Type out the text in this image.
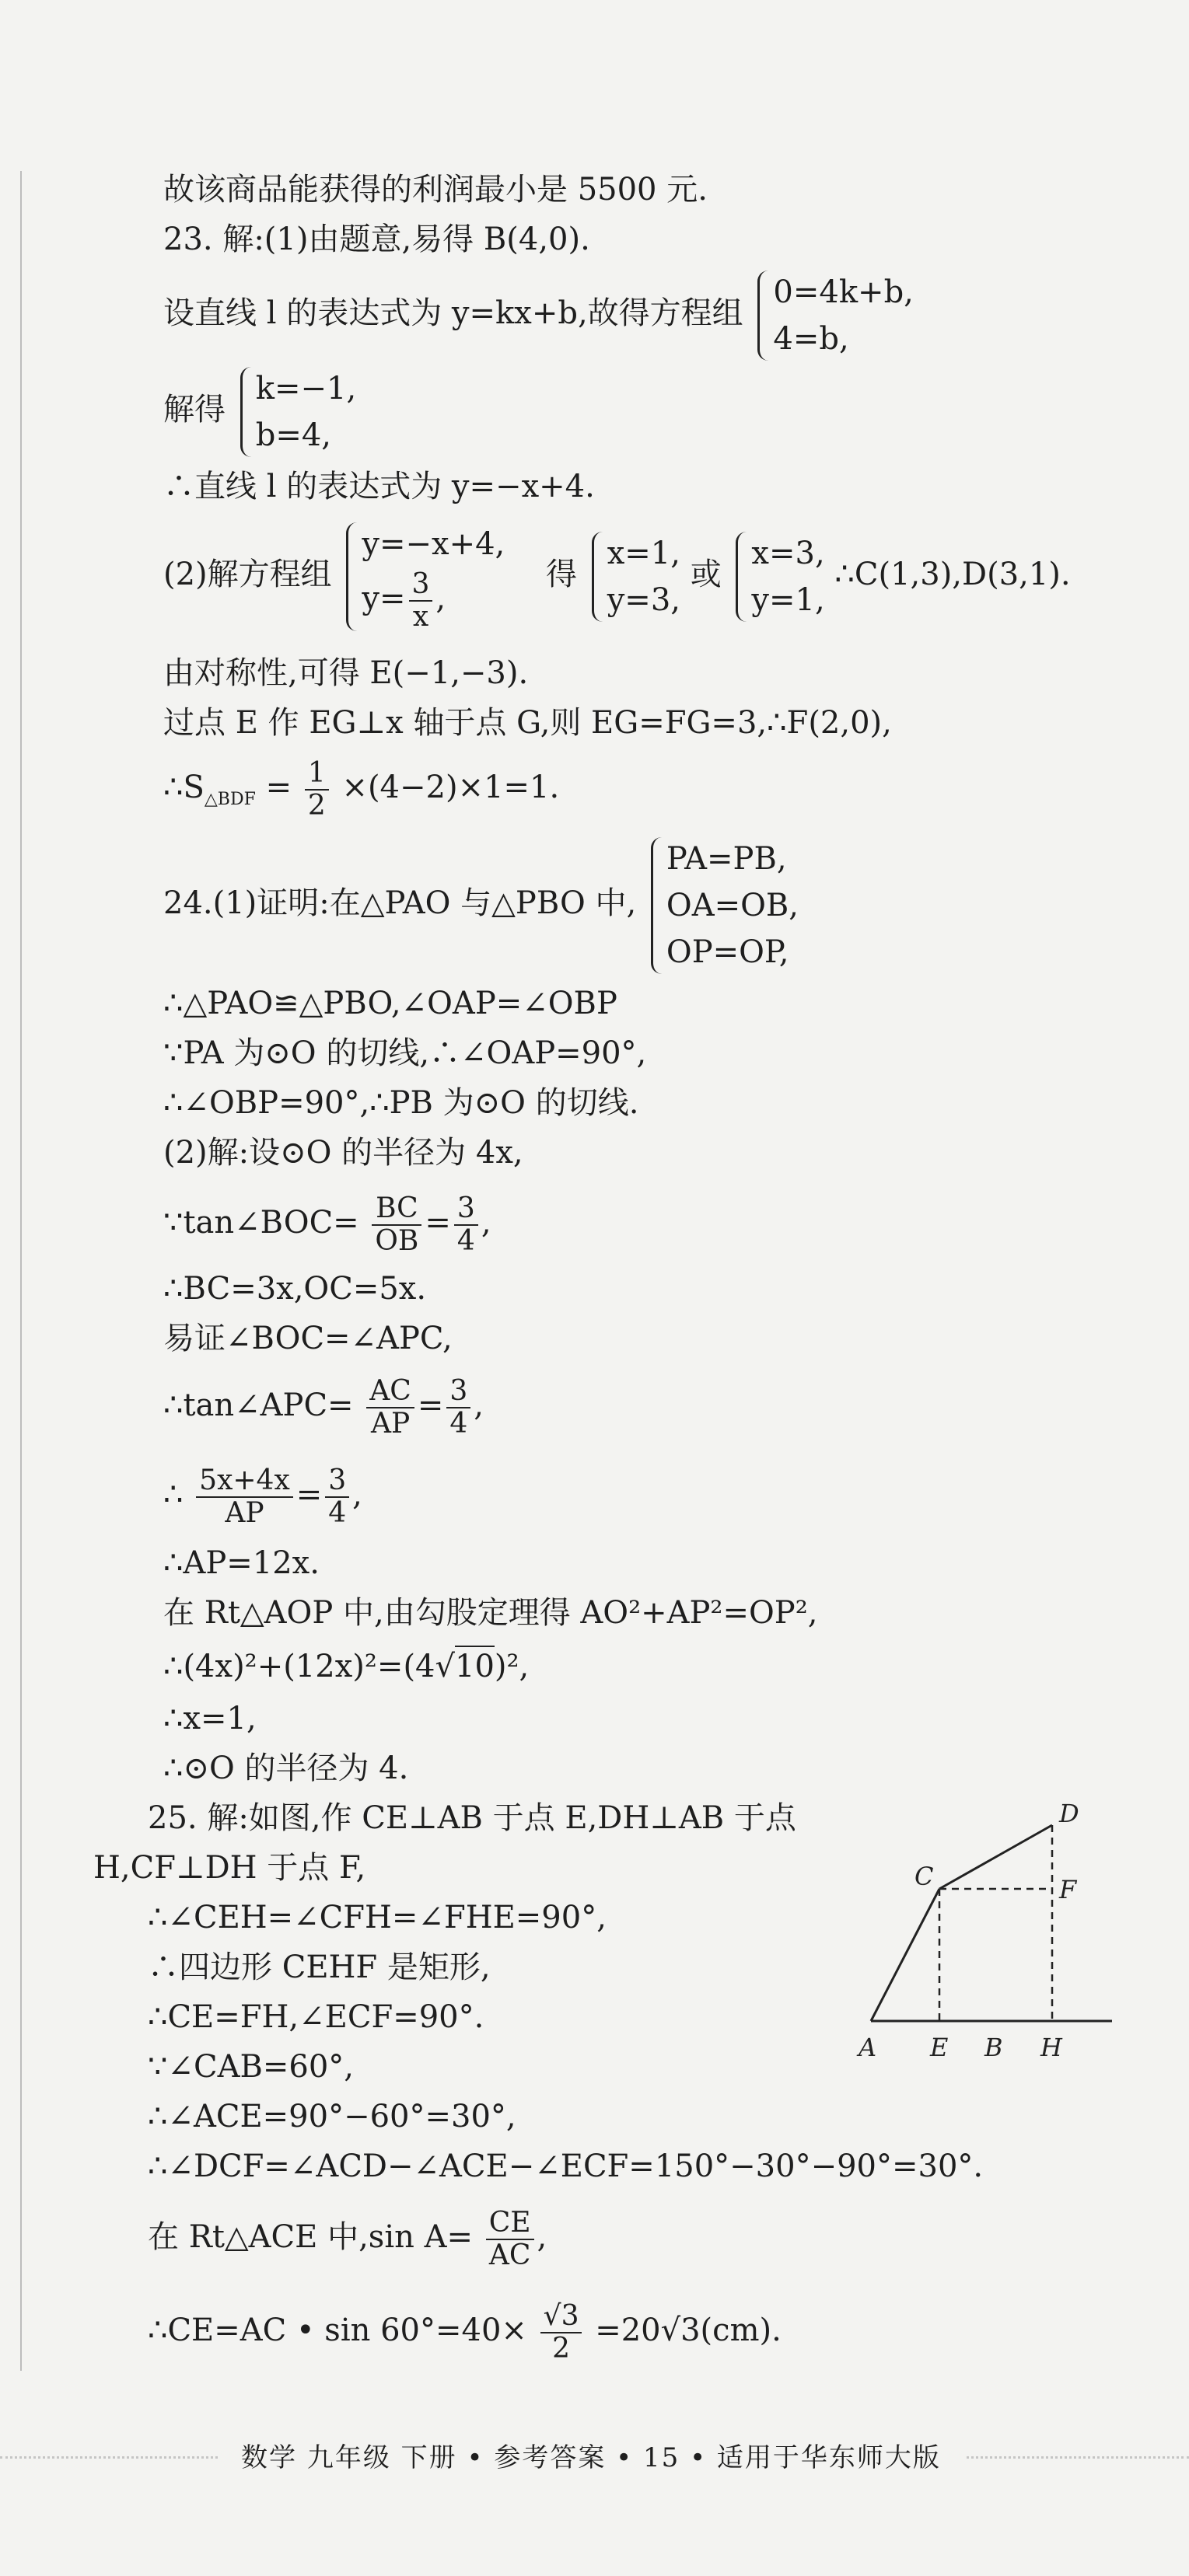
故该商品能获得的利润最小是 5500 元.
23. 解:(1)由题意,易得 B(4,0).
设直线 l 的表达式为 y=kx+b,故得方程组
0=4k+b,
4=b,
解得
k=−1,
b=4,
∴直线 l 的表达式为 y=−x+4.
(2)解方程组
y=−x+4,
$y= \frac{3}{x}$ ,
得
x=1,
y=3,
或
x=3,
y=1,
∴C(1,3),D(3,1).
由对称性,可得 E(−1,−3).
过点 E 作 EG⊥x 轴于点 G,则 EG=FG=3,∴F(2,0),
$\therefore S_{\triangle BDF} = \frac{1}{2} \times(4-2)\times 1=1$.
24.(1)证明:在△PAO 与△PBO 中,
PA=PB,
OA=OB,
OP=OP,
∴△PAO≌△PBO,∠OAP=∠OBP
∵PA 为⊙O 的切线,∴∠OAP=90°,
∴∠OBP=90°,∴PB 为⊙O 的切线.
(2)解:设⊙O 的半径为 4x,
∵tan∠BOC= $\frac{BC}{OB} = \frac{3}{4}$ ,
∴BC=3x,OC=5x.
易证∠BOC=∠APC,
∴tan∠APC= $\frac{AC}{AP} = \frac{3}{4}$ ,
∴ $\frac{5x+4x}{AP} = \frac{3}{4}$ ,
∴AP=12x.
在 Rt△AOP 中,由勾股定理得 AO²+AP²=OP²,
∴(4x)²+(12x)²=(4√10)²,
∴x=1,
∴⊙O 的半径为 4.
25. 解:如图,作 CE⊥AB 于点 E,DH⊥AB 于点
H,CF⊥DH 于点 F,
∴∠CEH=∠CFH=∠FHE=90°,
∴四边形 CEHF 是矩形,
∴CE=FH,∠ECF=90°.
∵∠CAB=60°,
∴∠ACE=90°−60°=30°,
∴∠DCF=∠ACD−∠ACE−∠ECF=150°−30°−90°=30°.
在 Rt△ACE 中,sin $A= \frac{CE}{AC}$ ,
∴CE=AC • $\sin 60^\circ=40\times \frac{√3}{2} =20√3(cm)$.
A E B H
C
D
F
数学 九年级 下册 • 参考答案 • 15 • 适用于华东师大版
